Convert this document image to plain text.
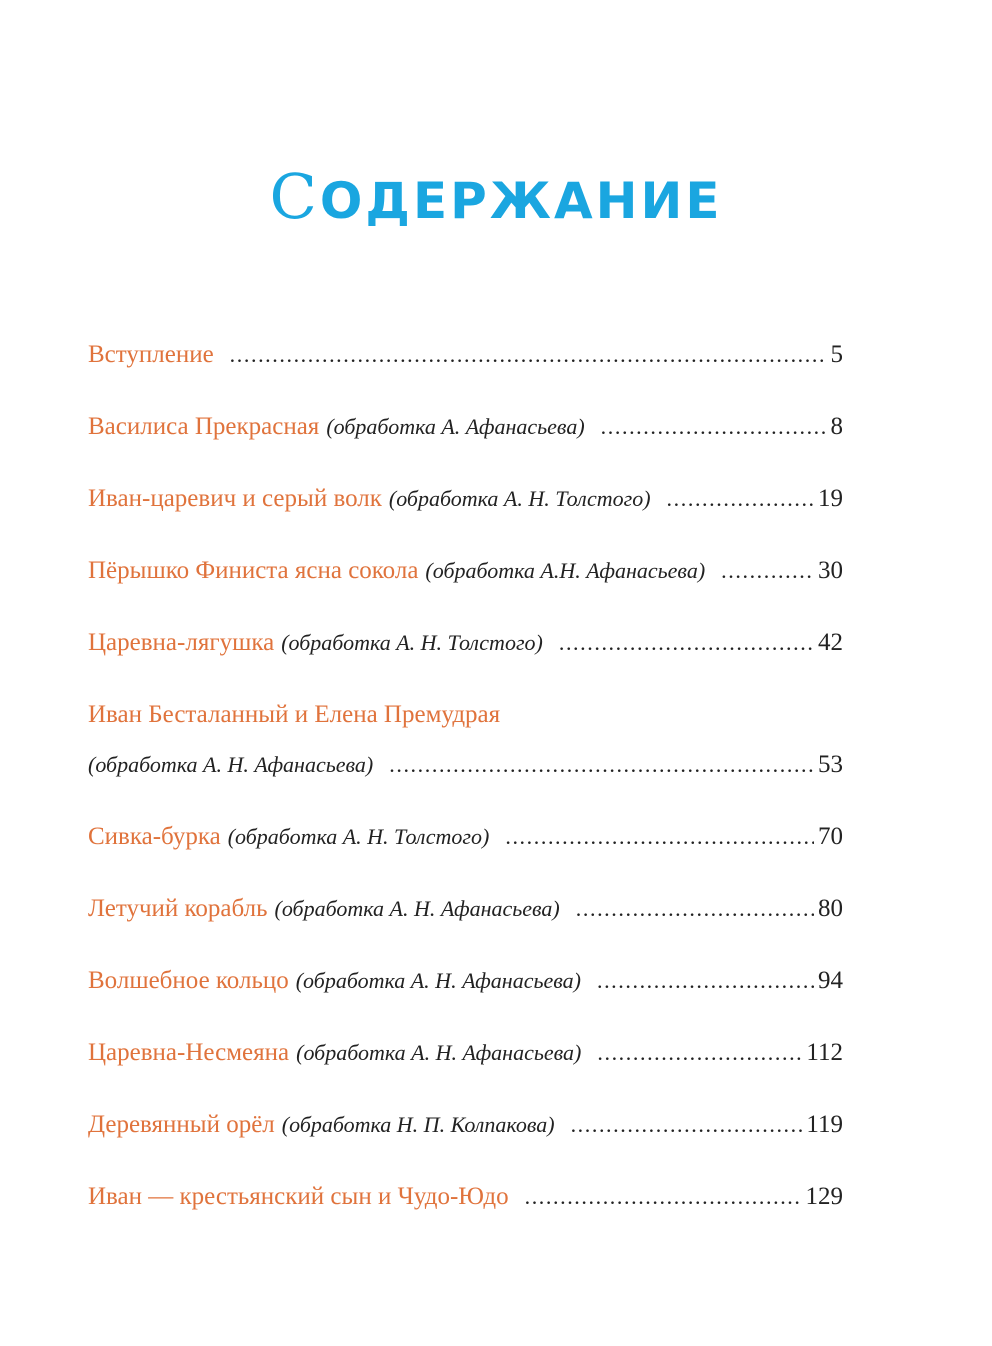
СОДЕРЖАНИЕ
Вступление .....	5
Василиса Прекрасная (обработка А. Афанасьева) .....	8
Иван-царевич и серый волк (обработка А. Н. Толстого) .....	19
Пёрышко Финиста ясна сокола (обработка А.Н. Афанасьева) .....	30
Царевна-лягушка (обработка А. Н. Толстого) .....	42
Иван Бесталанный и Елена Премудрая
(обработка А. Н. Афанасьева) .....	53
Сивка-бурка (обработка А. Н. Толстого) .....	70
Летучий корабль (обработка А. Н. Афанасьева) .....	80
Волшебное кольцо (обработка А. Н. Афанасьева) .....	94
Царевна-Несмеяна (обработка А. Н. Афанасьева) .....	112
Деревянный орёл (обработка Н. П. Колпакова) .....	119
Иван — крестьянский сын и Чудо-Юдо .....	129
